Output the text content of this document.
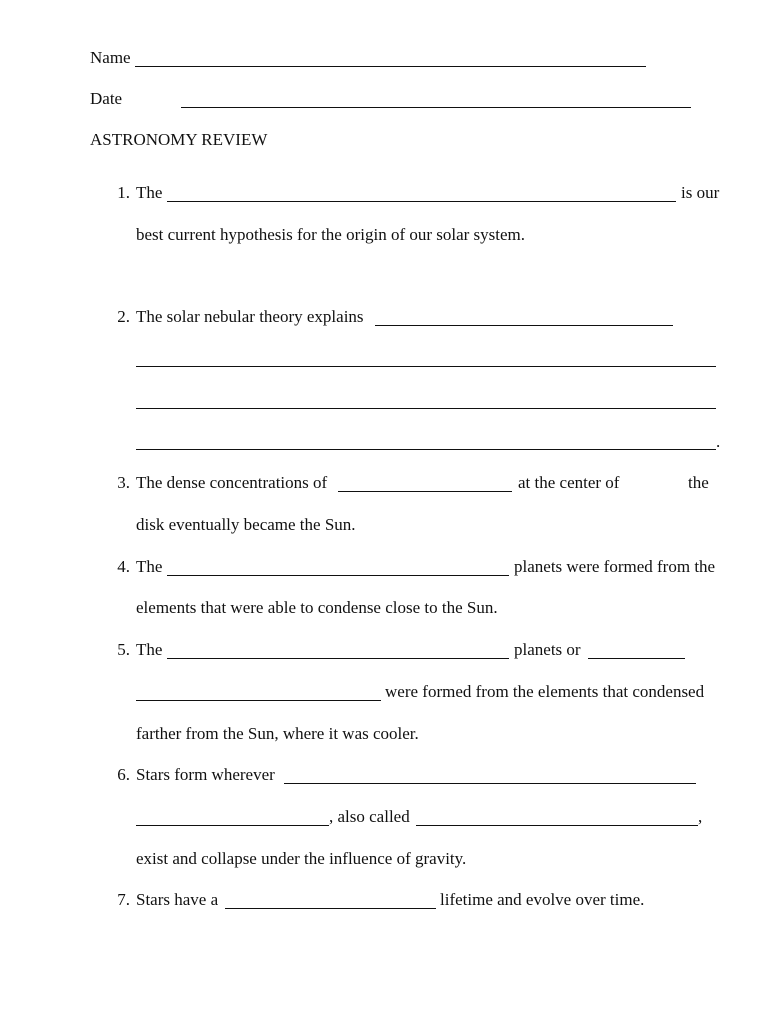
Name
Date
ASTRONOMY REVIEW
1. The	is our
best current hypothesis for the origin of our solar system.
2. The solar nebular theory explains
.
3. The dense concentrations of	at the center of	the
disk eventually became the Sun.
4. The	planets were formed from the
elements that were able to condense close to the Sun.
5. The	planets or
were formed from the elements that condensed
farther from the Sun, where it was cooler.
6. Stars form wherever
, also called	,
exist and collapse under the influence of gravity.
7. Stars have a	lifetime and evolve over time.
